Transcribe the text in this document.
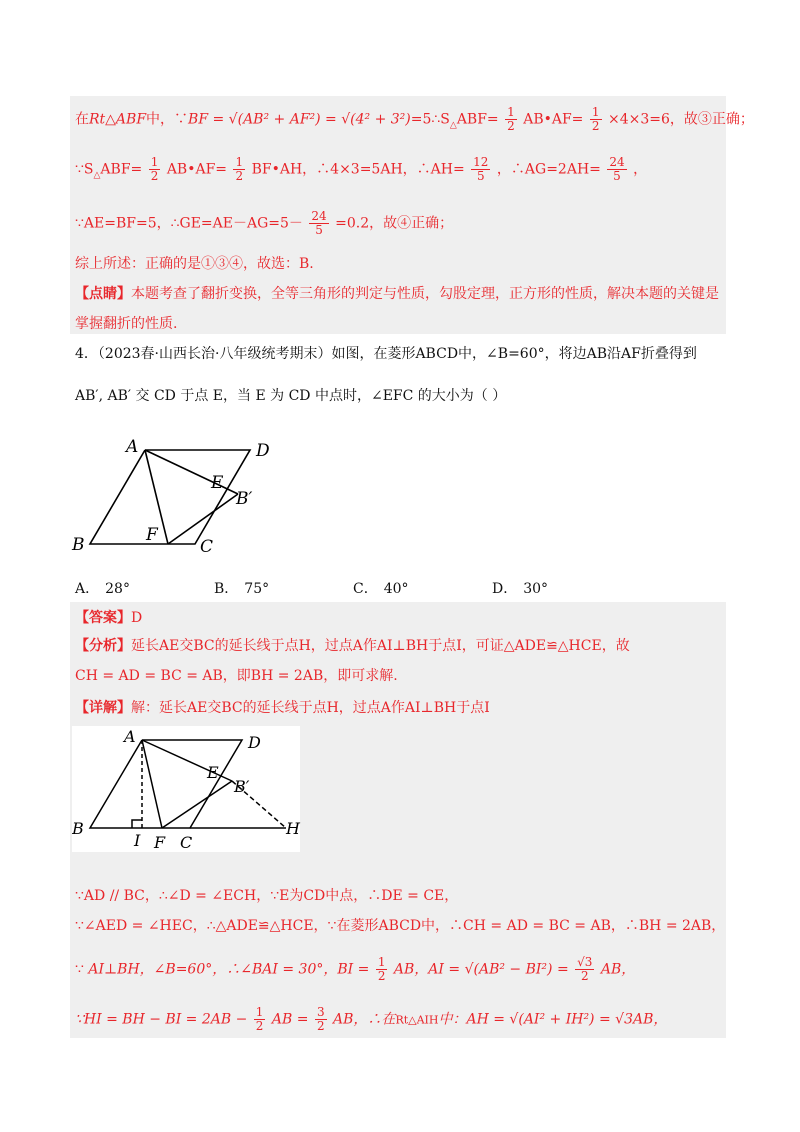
在Rt△ABF中，∵BF = $√(AB^2 + AF^2) = √(4^2 + 3^2)=5\therefore S_\triangle ABF= \frac{1}{2}$ AB•AF= $\frac{1}{2} \times 4\times 3=6$，故③正确；
$\because S_\triangle ABF= \frac{1}{2}$ AB•AF= $\frac{1}{2}$ BF•AH，∴4×3=5AH，∴AH= $\frac{12}{5}$ ，∴AG=2AH= $\frac{24}{5}$ ，
∵AE=BF=5，∴GE=AE－AG=5－ $\frac{24}{5} =0.2$，故④正确；
综上所述：正确的是①③④，故选：B.
【点睛】本题考查了翻折变换，全等三角形的判定与性质，勾股定理，正方形的性质，解决本题的关键是
掌握翻折的性质.
4．（2023春·山西长治·八年级统考期末）如图，在菱形ABCD中，∠B=60°，将边AB沿AF折叠得到
AB′, AB′ 交 CD 于点 E，当 E 为 CD 中点时，∠EFC 的大小为（ ）
A	D
E
B′
B	F
C
A． 28°	B． 75°	C． 40°	D． 30°
【答案】D
【分析】延长AE交BC的延长线于点H，过点A作AI⊥BH于点I，可证△ADE≌△HCE，故
CH = AD = BC = AB，即BH = 2AB，即可求解.
【详解】解：延长AE交BC的延长线于点H，过点A作AI⊥BH于点I
A	D
E
B′
B
I F C
H
∵AD // BC，∴∠D = ∠ECH，∵E为CD中点，∴DE = CE，
∵∠AED = ∠HEC，∴△ADE≌△HCE，∵在菱形ABCD中，∴CH = AD = BC = AB，∴BH = 2AB，
∵ AI⊥BH，∠B=60°，∴∠BAI = 30°，BI = $\frac{1}{2}$ AB，AI = $√(AB^2 - BI^2) = \frac{√3}{2}$ AB，
∵HI = BH − BI = $2AB - \frac{1}{2}$ AB = $\frac{3}{2}$ AB，∴在Rt△AIH中：AH = √(AI² + IH²) = √3AB，
